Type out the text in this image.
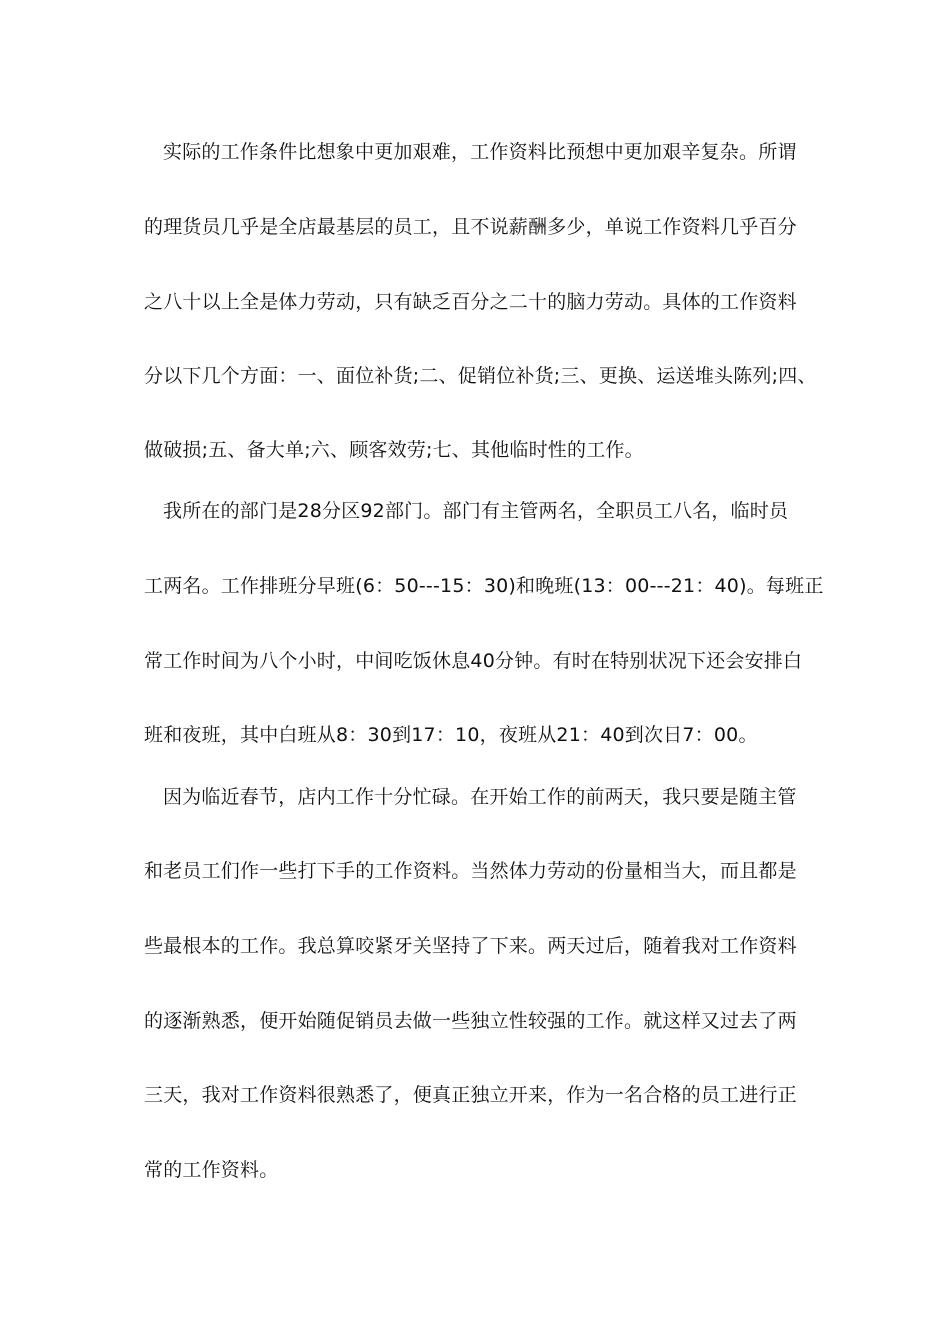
实际的工作条件比想象中更加艰难，工作资料比预想中更加艰辛复杂。所谓
的理货员几乎是全店最基层的员工，且不说薪酬多少，单说工作资料几乎百分
之八十以上全是体力劳动，只有缺乏百分之二十的脑力劳动。具体的工作资料
分以下几个方面：一、面位补货;二、促销位补货;三、更换、运送堆头陈列;四、
做破损;五、备大单;六、顾客效劳;七、其他临时性的工作。
我所在的部门是28分区92部门。部门有主管两名，全职员工八名，临时员
工两名。工作排班分早班(6：50---15：30)和晚班(13：00---21：40)。每班正
常工作时间为八个小时，中间吃饭休息40分钟。有时在特别状况下还会安排白
班和夜班，其中白班从8：30到17：10，夜班从21：40到次日7：00。
因为临近春节，店内工作十分忙碌。在开始工作的前两天，我只要是随主管
和老员工们作一些打下手的工作资料。当然体力劳动的份量相当大，而且都是
些最根本的工作。我总算咬紧牙关坚持了下来。两天过后，随着我对工作资料
的逐渐熟悉，便开始随促销员去做一些独立性较强的工作。就这样又过去了两
三天，我对工作资料很熟悉了，便真正独立开来，作为一名合格的员工进行正
常的工作资料。
